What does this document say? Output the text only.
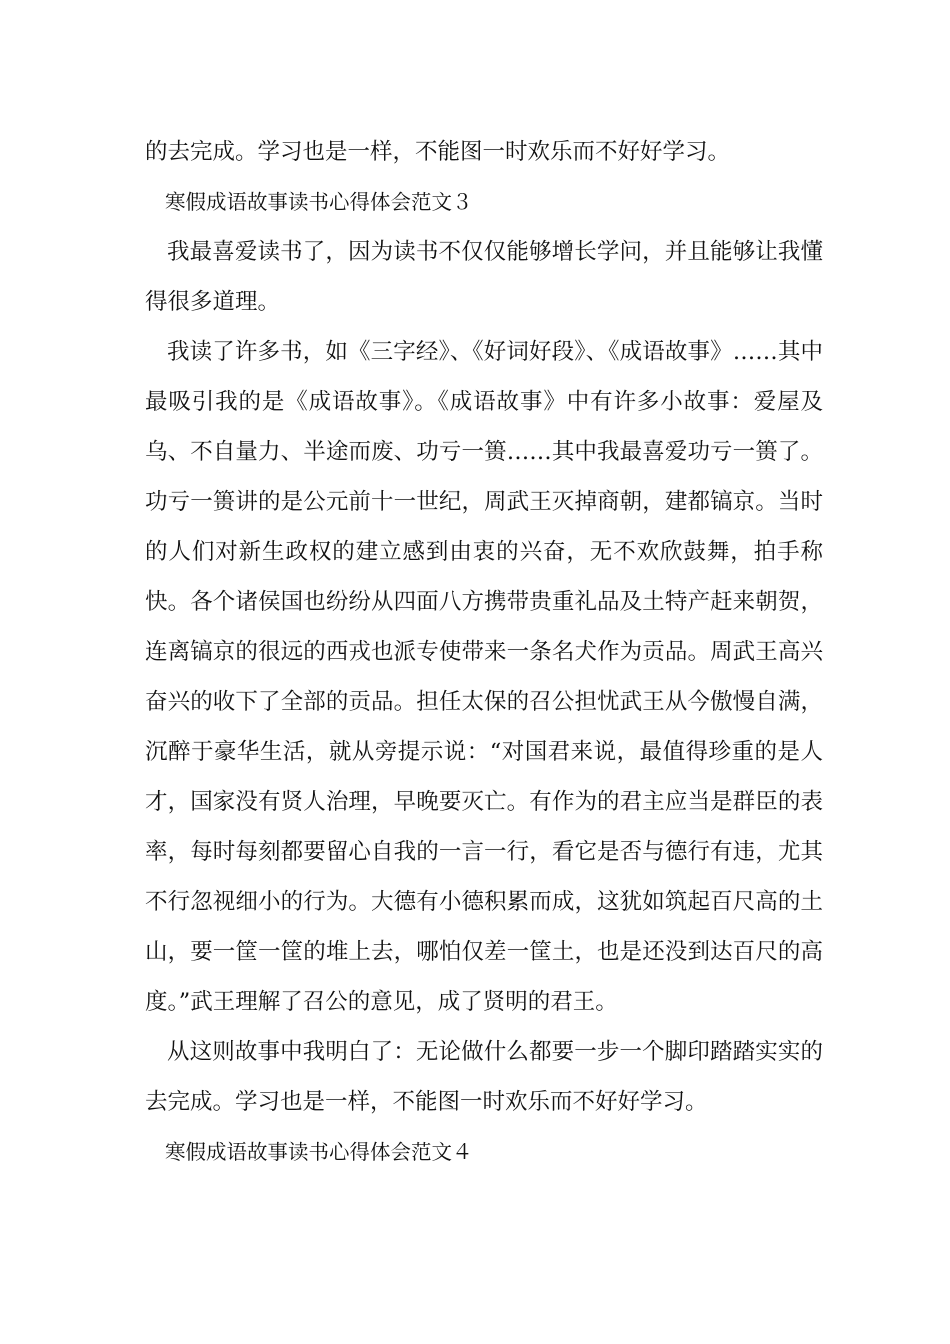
的去完成。学习也是一样，不能图一时欢乐而不好好学习。

寒假成语故事读书心得体会范文３

我最喜爱读书了，因为读书不仅仅能够增长学问，并且能够让我懂得很多道理。

我读了许多书，如《三字经》、《好词好段》、《成语故事》……其中最吸引我的是《成语故事》。《成语故事》中有许多小故事：爱屋及乌、不自量力、半途而废、功亏一篑……其中我最喜爱功亏一篑了。功亏一篑讲的是公元前十一世纪，周武王灭掉商朝，建都镐京。当时的人们对新生政权的建立感到由衷的兴奋，无不欢欣鼓舞，拍手称快。各个诸侯国也纷纷从四面八方携带贵重礼品及土特产赶来朝贺，连离镐京的很远的西戎也派专使带来一条名犬作为贡品。周武王高兴奋兴的收下了全部的贡品。担任太保的召公担忧武王从今傲慢自满，沉醉于豪华生活，就从旁提示说：“对国君来说，最值得珍重的是人才，国家没有贤人治理，早晚要灭亡。有作为的君主应当是群臣的表率，每时每刻都要留心自我的一言一行，看它是否与德行有违，尤其不行忽视细小的行为。大德有小德积累而成，这犹如筑起百尺高的土山，要一筐一筐的堆上去，哪怕仅差一筐土，也是还没到达百尺的高度。”武王理解了召公的意见，成了贤明的君王。

从这则故事中我明白了：无论做什么都要一步一个脚印踏踏实实的去完成。学习也是一样，不能图一时欢乐而不好好学习。

寒假成语故事读书心得体会范文４
